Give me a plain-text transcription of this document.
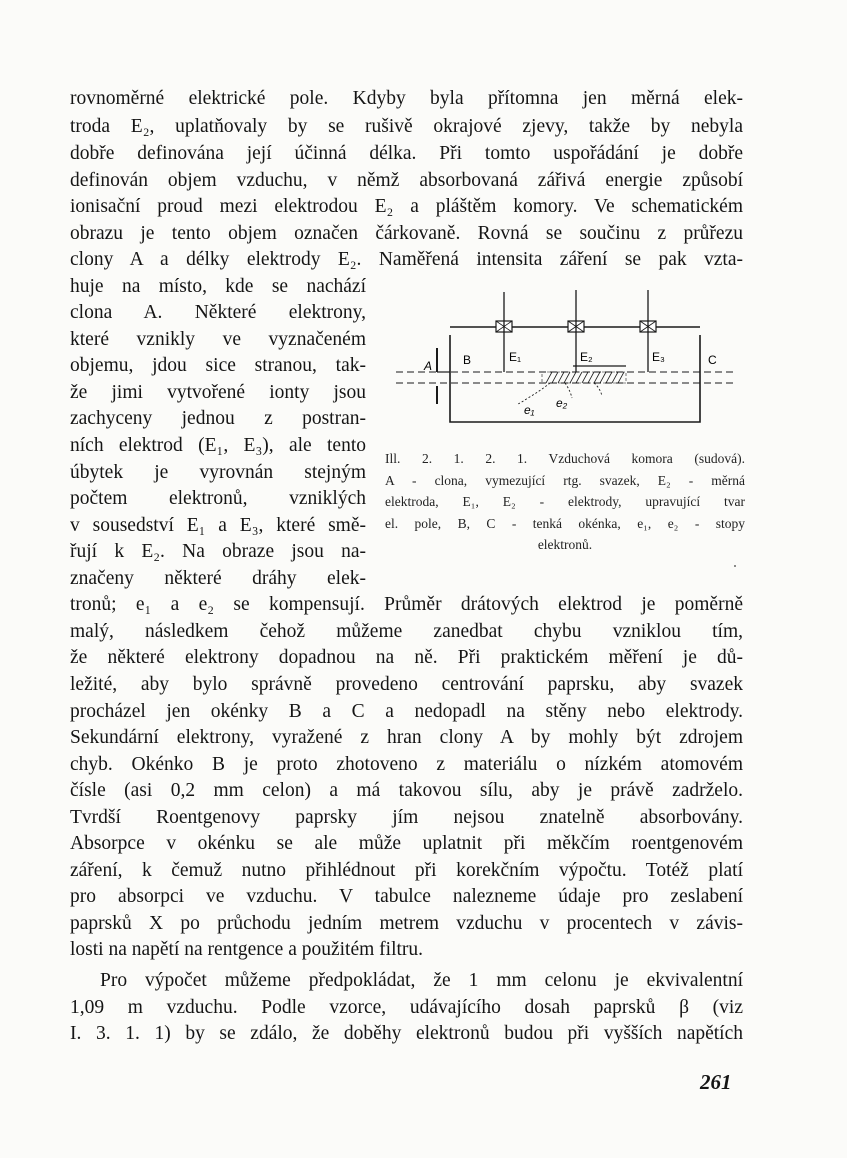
rovnoměrné elektrické pole. Kdyby byla přítomna jen měrná elek-
troda E₂, uplatňovaly by se rušivě okrajové zjevy, takže by nebyla
dobře definována její účinná délka. Při tomto uspořádání je dobře
definován objem vzduchu, v němž absorbovaná zářivá energie způsobí
ionisační proud mezi elektrodou E₂ a pláštěm komory. Ve schematickém
obrazu je tento objem označen čárkovaně. Rovná se součinu z průřezu
clony A a délky elektrody E₂. Naměřená intensita záření se pak vzta-
huje na místo, kde se nachází
clona A. Některé elektrony,
které vznikly ve vyznačeném
objemu, jdou sice stranou, tak-
že jimi vytvořené ionty jsou
zachyceny jednou z postran-
ních elektrod (E₁, E₃), ale tento
úbytek je vyrovnán stejným
počtem elektronů, vzniklých
v sousedství E₁ a E₃, které smě-
řují k E₂. Na obraze jsou na-
značeny některé dráhy elek-
A	B	C
E₁	E₂	E₃
e₁ e₂
Ill. 2. 1. 2. 1. Vzduchová komora (sudová).
A - clona, vymezující rtg. svazek, E₂ - měrná
elektroda, E₁, E₂ - elektrody, upravující tvar
el. pole, B, C - tenká okénka, e₁, e₂ - stopy
elektronů.
tronů; e₁ a e₂ se kompensují. Průměr drátových elektrod je poměrně
malý, následkem čehož můžeme zanedbat chybu vzniklou tím,
že některé elektrony dopadnou na ně. Při praktickém měření je dů-
ležité, aby bylo správně provedeno centrování paprsku, aby svazek
procházel jen okénky B a C a nedopadl na stěny nebo elektrody.
Sekundární elektrony, vyražené z hran clony A by mohly být zdrojem
chyb. Okénko B je proto zhotoveno z materiálu o nízkém atomovém
čísle (asi 0,2 mm celon) a má takovou sílu, aby je právě zadrželo.
Tvrdší Roentgenovy paprsky jím nejsou znatelně absorbovány.
Absorpce v okénku se ale může uplatnit při měkčím roentgenovém
záření, k čemuž nutno přihlédnout při korekčním výpočtu. Totéž platí
pro absorpci ve vzduchu. V tabulce nalezneme údaje pro zeslabení
paprsků X po průchodu jedním metrem vzduchu v procentech v závis-
losti na napětí na rentgence a použitém filtru.
Pro výpočet můžeme předpokládat, že 1 mm celonu je ekvivalentní
1,09 m vzduchu. Podle vzorce, udávajícího dosah paprsků β (viz
I. 3. 1. 1) by se zdálo, že doběhy elektronů budou při vyšších napětích
261
